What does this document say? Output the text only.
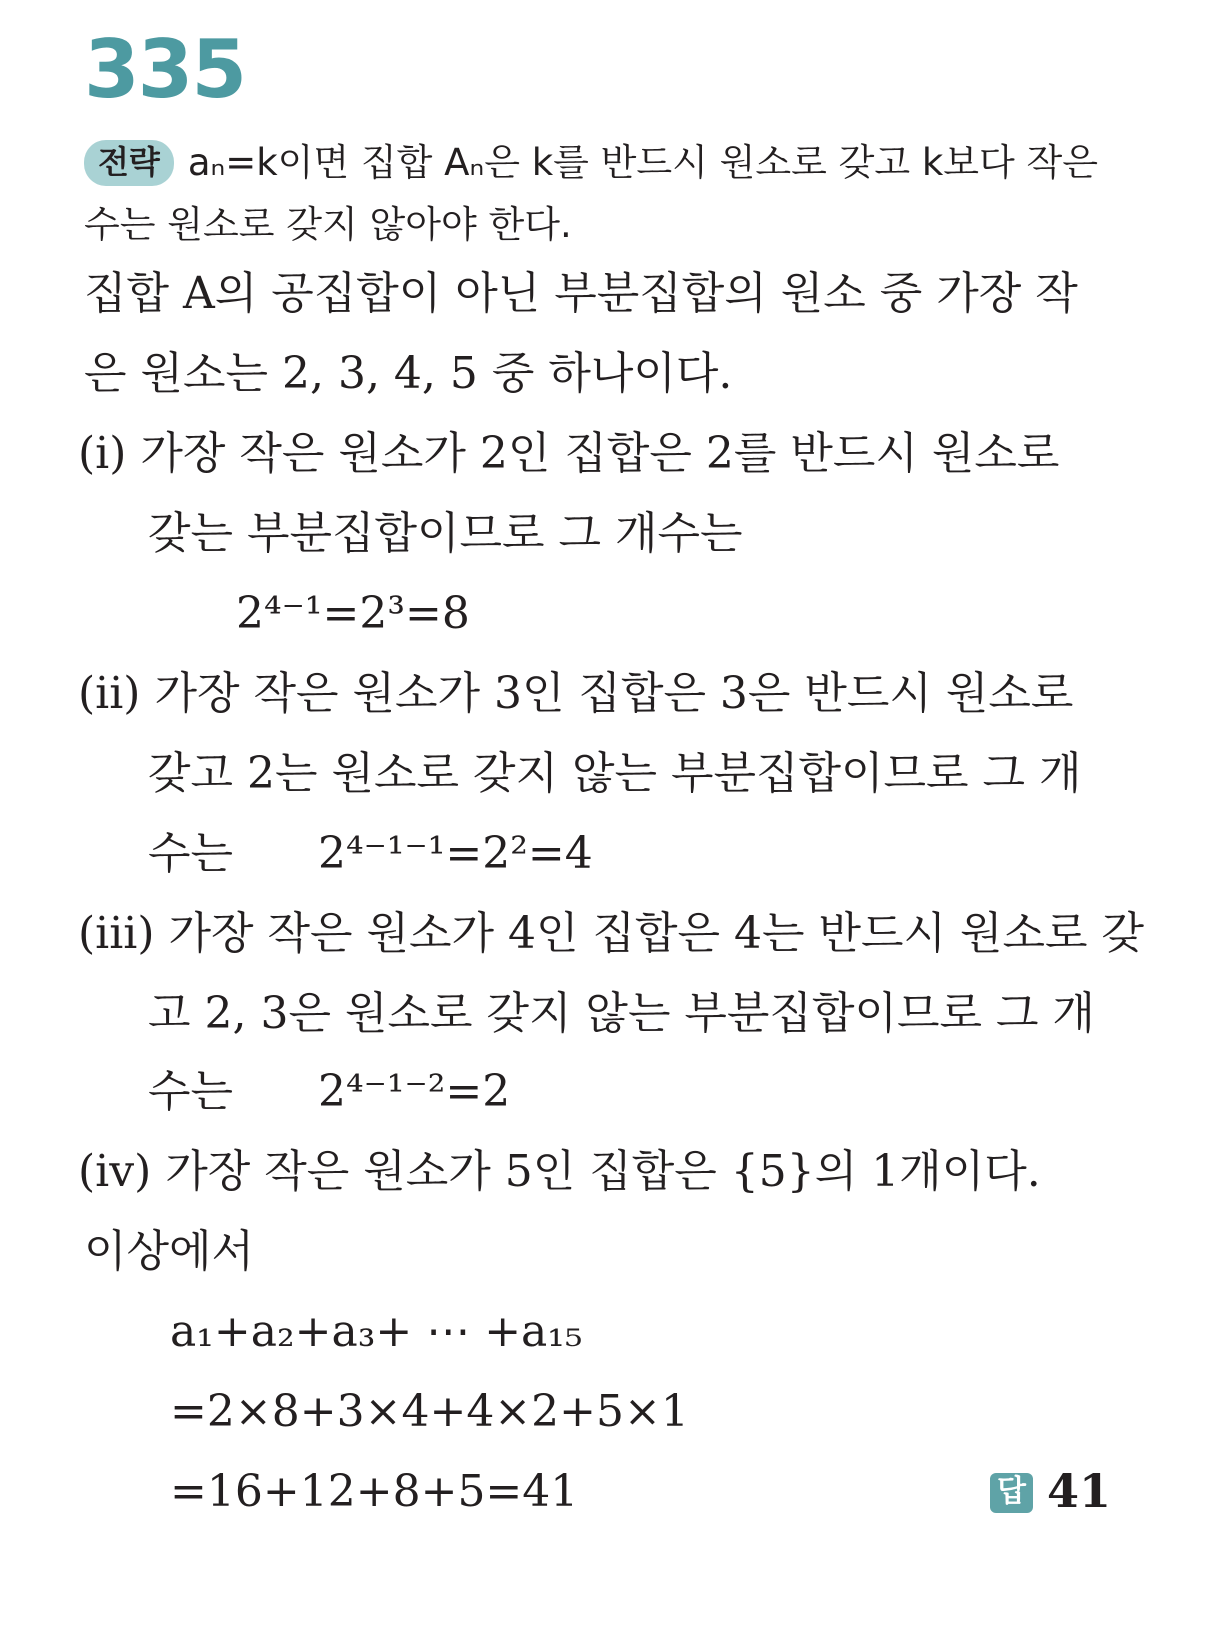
335
전략 aₙ=k이면 집합 Aₙ은 k를 반드시 원소로 갖고 k보다 작은
수는 원소로 갖지 않아야 한다.
집합 A의 공집합이 아닌 부분집합의 원소 중 가장 작
은 원소는 2, 3, 4, 5 중 하나이다.
(i) 가장 작은 원소가 2인 집합은 2를 반드시 원소로
갖는 부분집합이므로 그 개수는
2⁴⁻¹=2³=8
(ii) 가장 작은 원소가 3인 집합은 3은 반드시 원소로
갖고 2는 원소로 갖지 않는 부분집합이므로 그 개
수는 2⁴⁻¹⁻¹=2²=4
(iii) 가장 작은 원소가 4인 집합은 4는 반드시 원소로 갖
고 2, 3은 원소로 갖지 않는 부분집합이므로 그 개
수는 2⁴⁻¹⁻²=2
(iv) 가장 작은 원소가 5인 집합은 {5}의 1개이다.
이상에서
a₁+a₂+a₃+ ⋯ +a₁₅
=2×8+3×4+4×2+5×1
=16+12+8+5=41	답 41
